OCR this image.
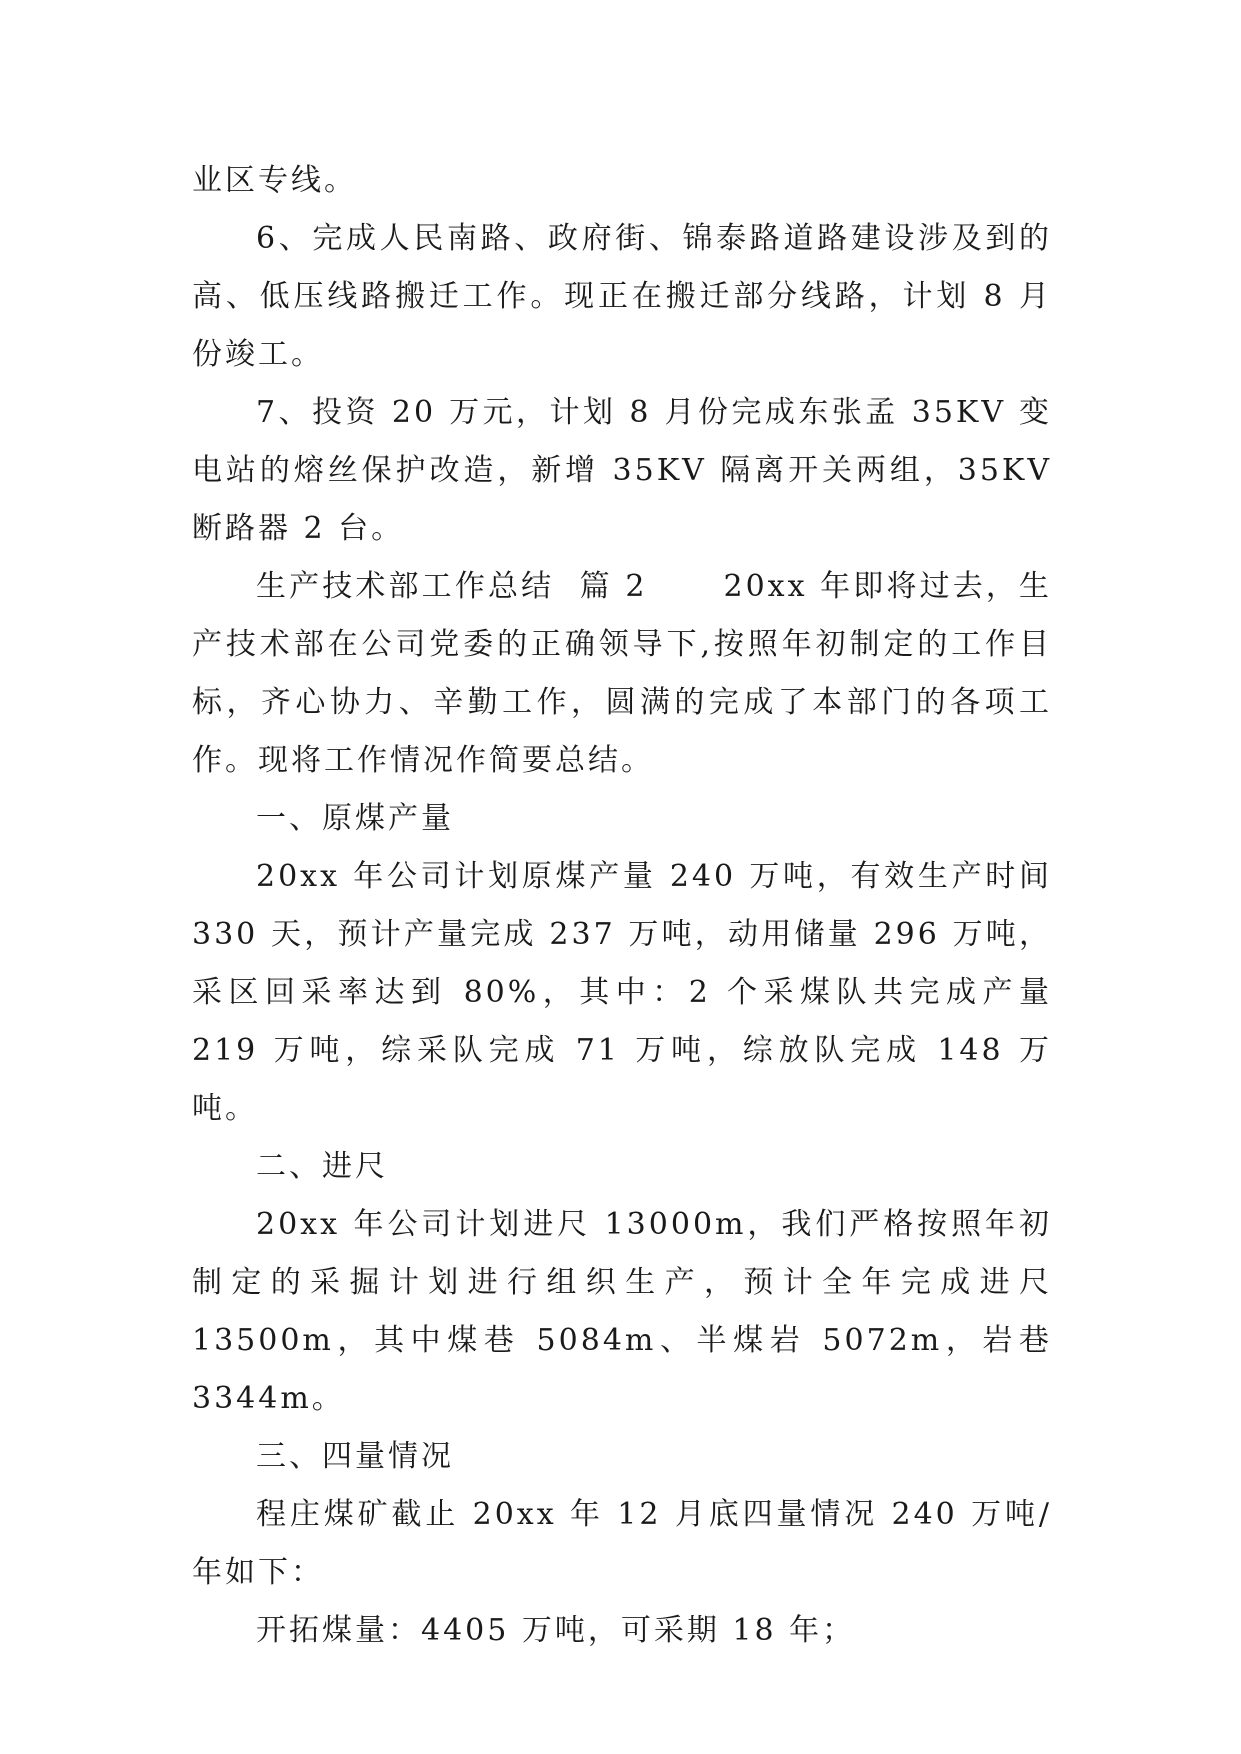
业区专线。

6、完成人民南路、政府街、锦泰路道路建设涉及到的高、低压线路搬迁工作。现正在搬迁部分线路，计划 8 月份竣工。

7、投资 20 万元，计划 8 月份完成东张孟 35KV 变电站的熔丝保护改造，新增 35KV 隔离开关两组，35KV 断路器 2 台。

生产技术部工作总结  篇 2      20xx 年即将过去，生产技术部在公司党委的正确领导下,按照年初制定的工作目标，齐心协力、辛勤工作，圆满的完成了本部门的各项工作。现将工作情况作简要总结。

一、原煤产量

20xx 年公司计划原煤产量 240 万吨，有效生产时间 330 天，预计产量完成 237 万吨，动用储量 296 万吨，采区回采率达到 80%，其中：2 个采煤队共完成产量 219 万吨，综采队完成 71 万吨，综放队完成 148 万吨。

二、进尺

20xx 年公司计划进尺 13000m，我们严格按照年初制定的采掘计划进行组织生产，预计全年完成进尺 13500m，其中煤巷 5084m、半煤岩 5072m，岩巷 3344m。

三、四量情况

程庄煤矿截止 20xx 年 12 月底四量情况 240 万吨/年如下：

开拓煤量：4405 万吨，可采期 18 年；
